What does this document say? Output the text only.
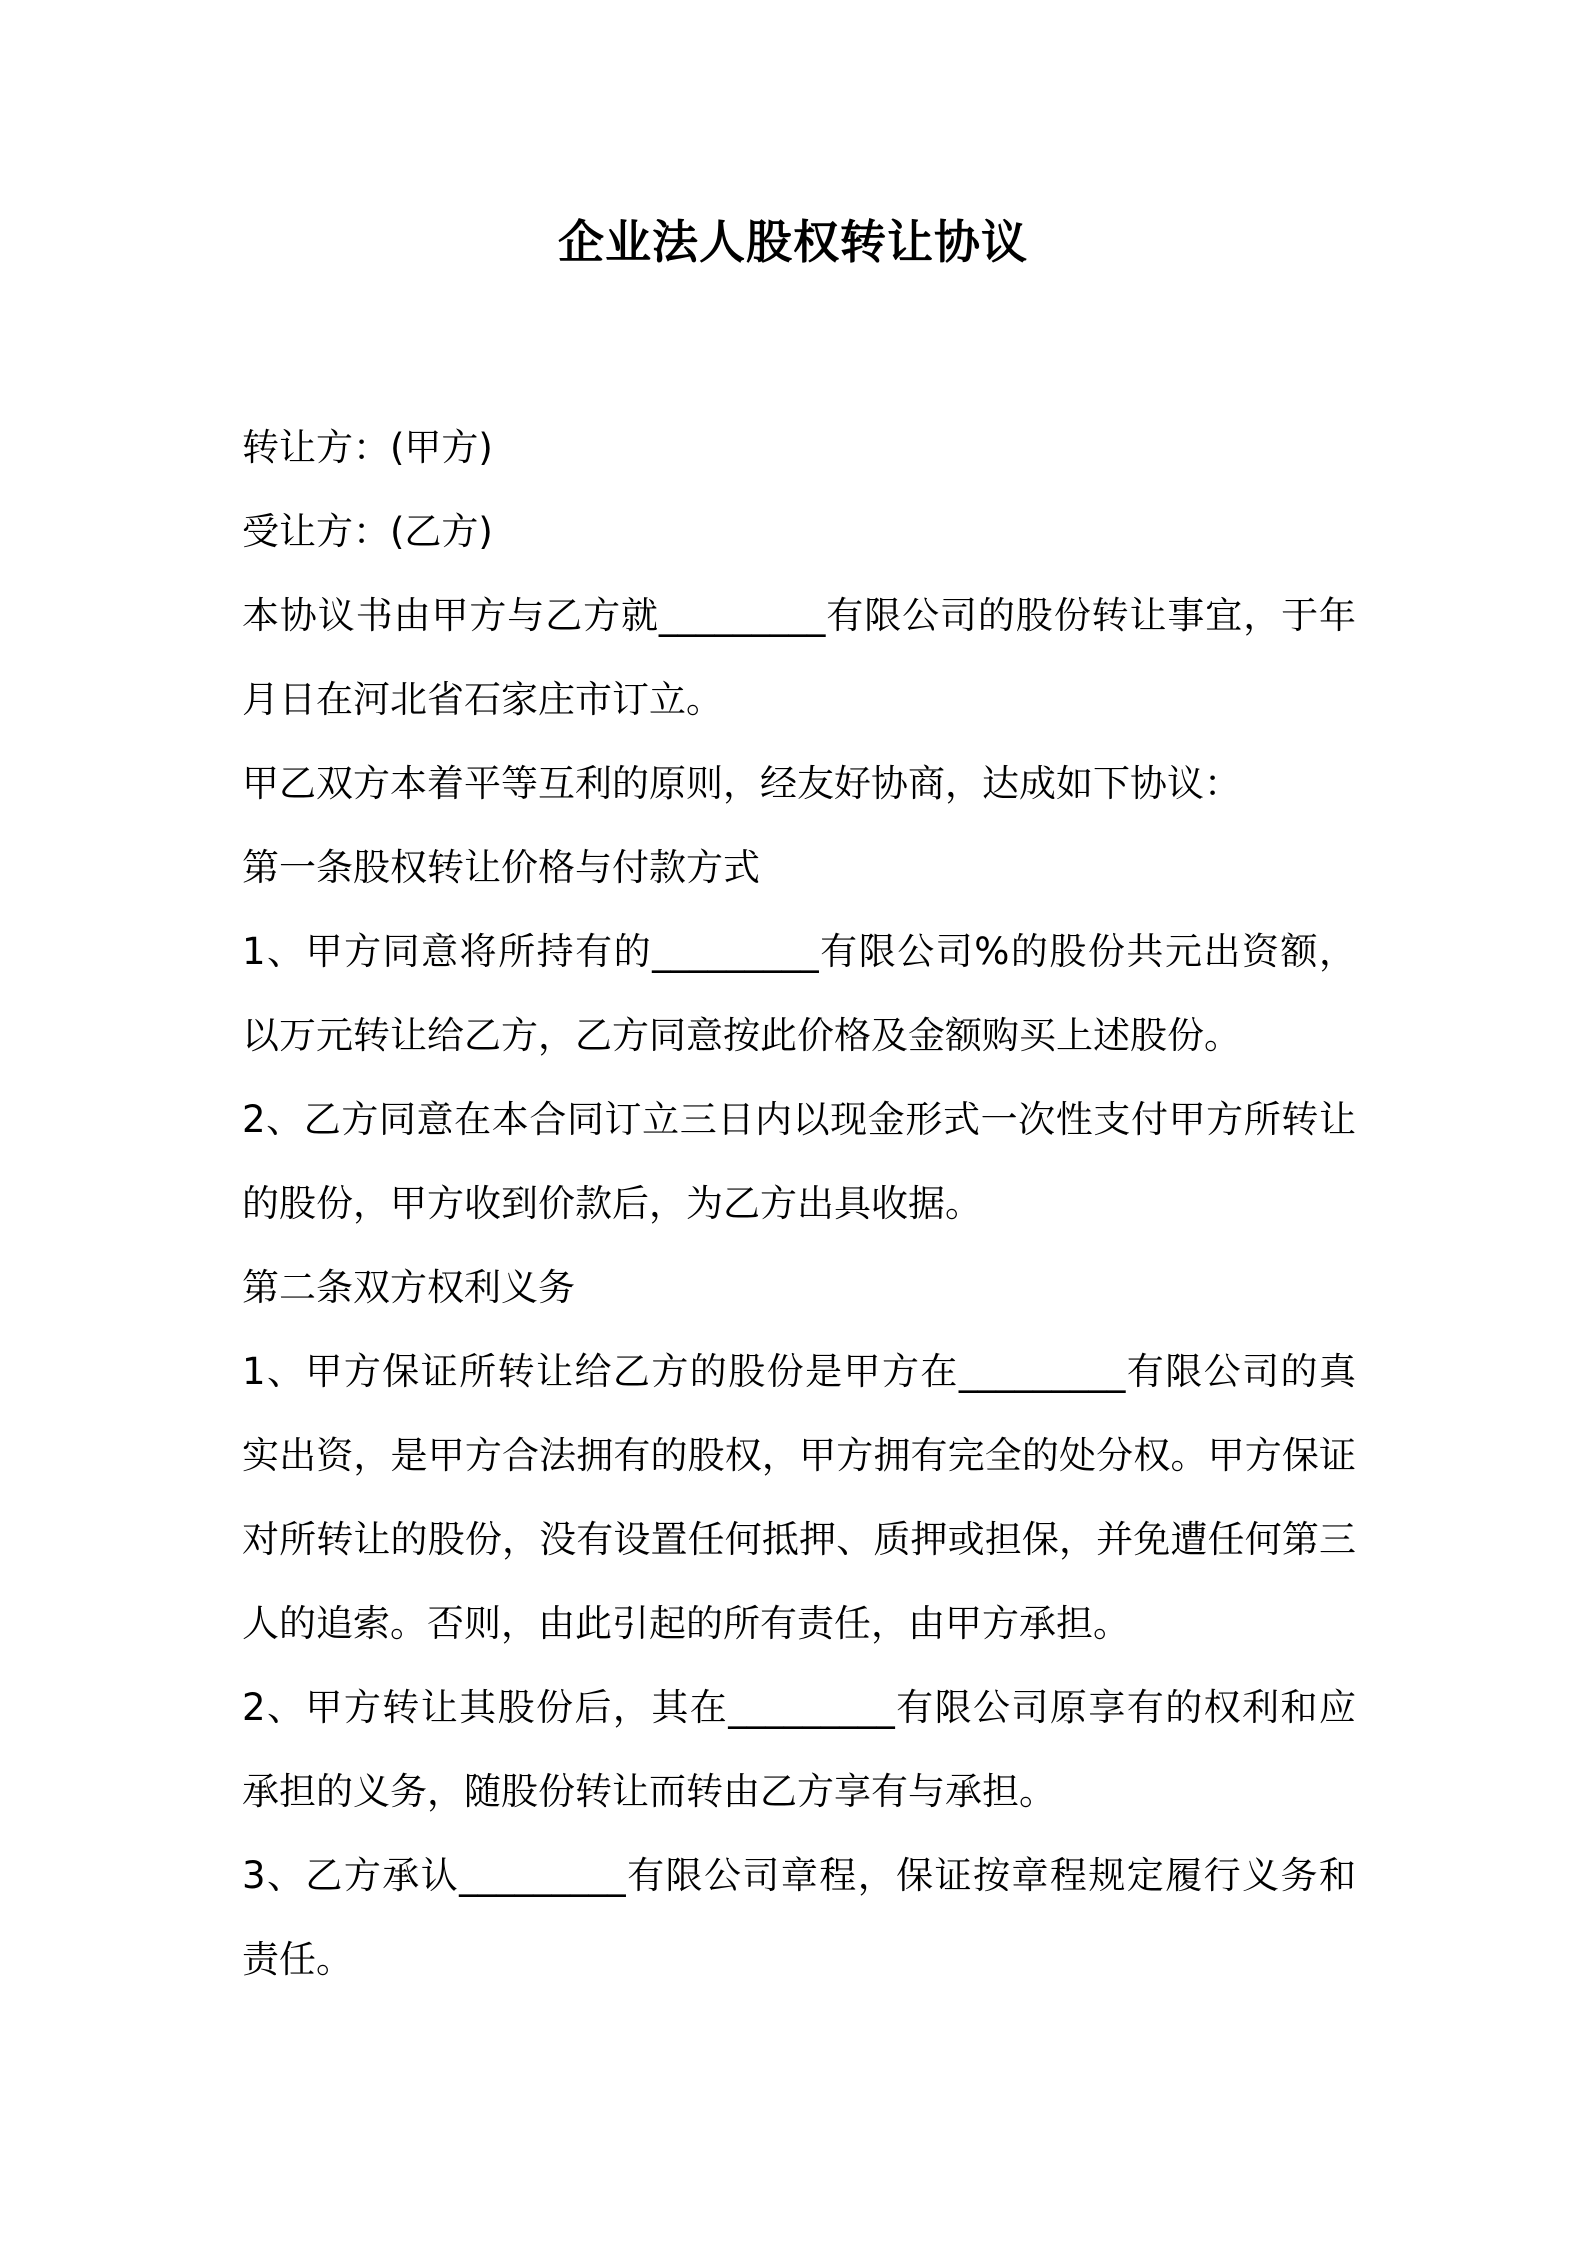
企业法人股权转让协议
转让方：(甲方)
受让方：(乙方)
本协议书由甲方与乙方就_________有限公司的股份转让事宜，于年
月日在河北省石家庄市订立。
甲乙双方本着平等互利的原则，经友好协商，达成如下协议：
第一条股权转让价格与付款方式
1、甲方同意将所持有的_________有限公司%的股份共元出资额，
以万元转让给乙方，乙方同意按此价格及金额购买上述股份。
2、乙方同意在本合同订立三日内以现金形式一次性支付甲方所转让
的股份，甲方收到价款后，为乙方出具收据。
第二条双方权利义务
1、甲方保证所转让给乙方的股份是甲方在_________有限公司的真
实出资，是甲方合法拥有的股权，甲方拥有完全的处分权。甲方保证
对所转让的股份，没有设置任何抵押、质押或担保，并免遭任何第三
人的追索。否则，由此引起的所有责任，由甲方承担。
2、甲方转让其股份后，其在_________有限公司原享有的权利和应
承担的义务，随股份转让而转由乙方享有与承担。
3、乙方承认_________有限公司章程，保证按章程规定履行义务和
责任。
